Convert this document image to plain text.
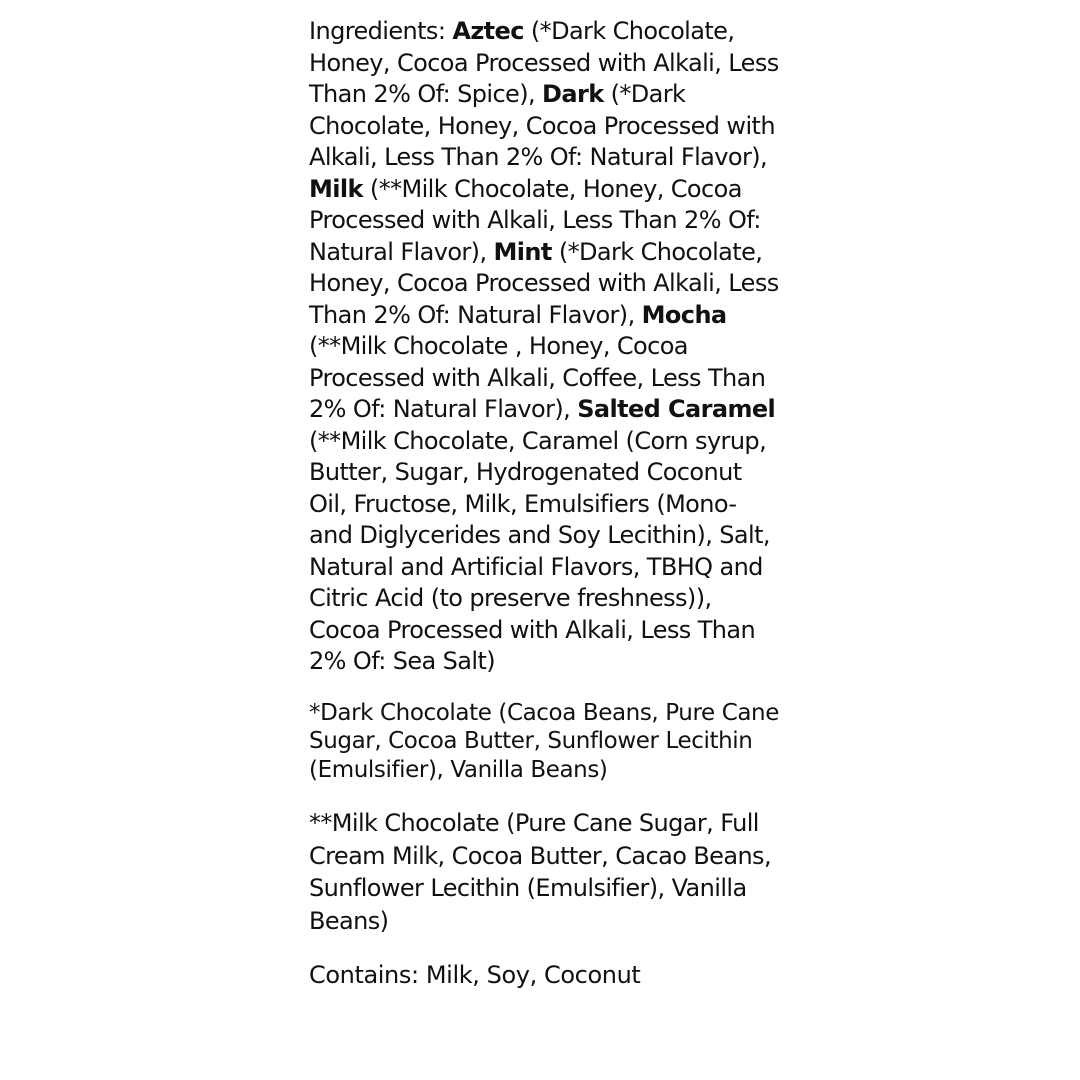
Ingredients: Aztec (*Dark Chocolate, Honey, Cocoa Processed with Alkali, Less Than 2% Of: Spice), Dark (*Dark Chocolate, Honey, Cocoa Processed with Alkali, Less Than 2% Of: Natural Flavor), Milk (**Milk Chocolate, Honey, Cocoa Processed with Alkali, Less Than 2% Of: Natural Flavor), Mint (*Dark Chocolate, Honey, Cocoa Processed with Alkali, Less Than 2% Of: Natural Flavor), Mocha (**Milk Chocolate , Honey, Cocoa Processed with Alkali, Coffee, Less Than 2% Of: Natural Flavor), Salted Caramel (**Milk Chocolate, Caramel (Corn syrup, Butter, Sugar, Hydrogenated Coconut Oil, Fructose, Milk, Emulsifiers (Mono-and Diglycerides and Soy Lecithin), Salt, Natural and Artificial Flavors, TBHQ and Citric Acid (to preserve freshness)), Cocoa Processed with Alkali, Less Than 2% Of: Sea Salt)

*Dark Chocolate (Cacoa Beans, Pure Cane Sugar, Cocoa Butter, Sunflower Lecithin (Emulsifier), Vanilla Beans)

**Milk Chocolate (Pure Cane Sugar, Full Cream Milk, Cocoa Butter, Cacao Beans, Sunflower Lecithin (Emulsifier), Vanilla Beans)

Contains: Milk, Soy, Coconut
